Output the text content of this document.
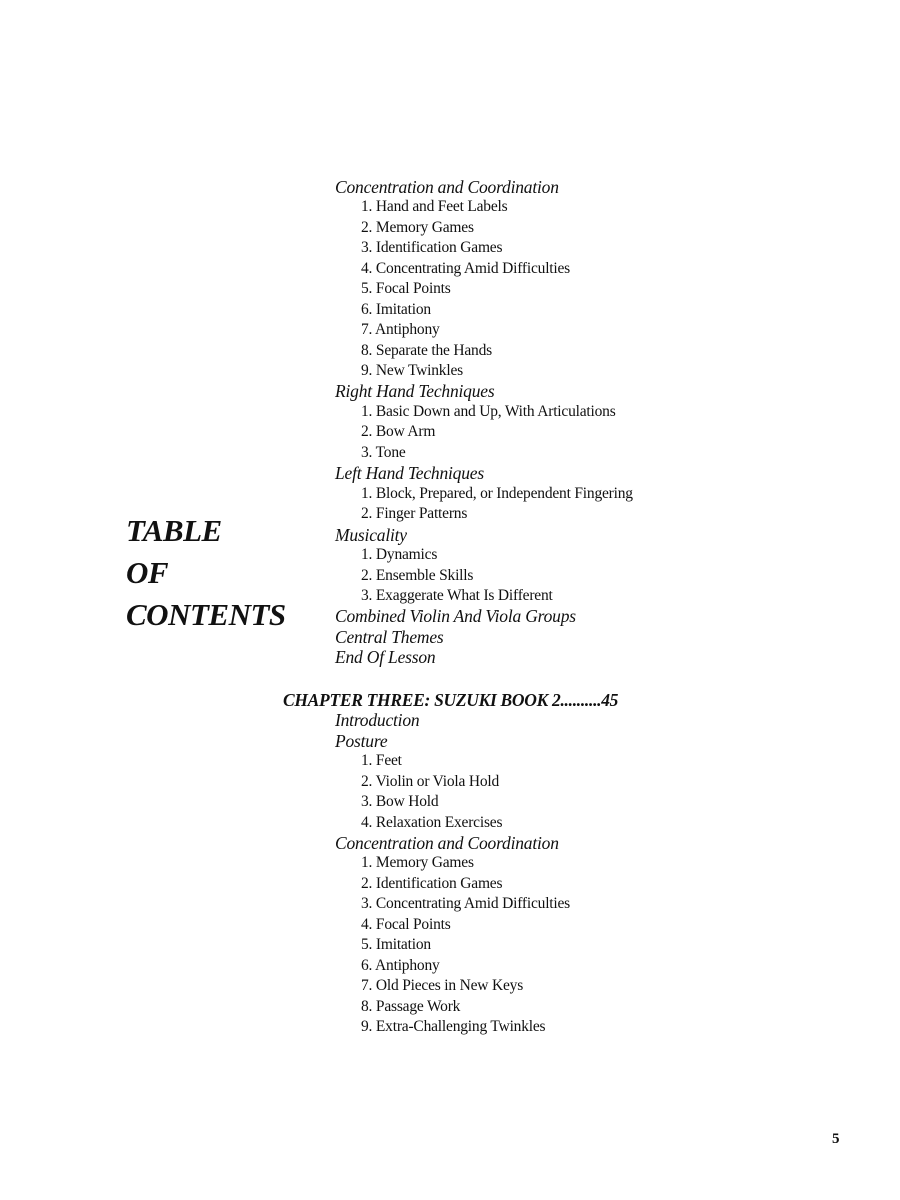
TABLE
OF
CONTENTS
Concentration and Coordination
1. Hand and Feet Labels
2. Memory Games
3. Identification Games
4. Concentrating Amid Difficulties
5. Focal Points
6. Imitation
7. Antiphony
8. Separate the Hands
9. New Twinkles
Right Hand Techniques
1. Basic Down and Up, With Articulations
2. Bow Arm
3. Tone
Left Hand Techniques
1. Block, Prepared, or Independent Fingering
2. Finger Patterns
Musicality
1. Dynamics
2. Ensemble Skills
3. Exaggerate What Is Different
Combined Violin And Viola Groups
Central Themes
End Of Lesson
CHAPTER THREE: SUZUKI BOOK 2..........45
Introduction
Posture
1. Feet
2. Violin or Viola Hold
3. Bow Hold
4. Relaxation Exercises
Concentration and Coordination
1. Memory Games
2. Identification Games
3. Concentrating Amid Difficulties
4. Focal Points
5. Imitation
6. Antiphony
7. Old Pieces in New Keys
8. Passage Work
9. Extra-Challenging Twinkles
5
